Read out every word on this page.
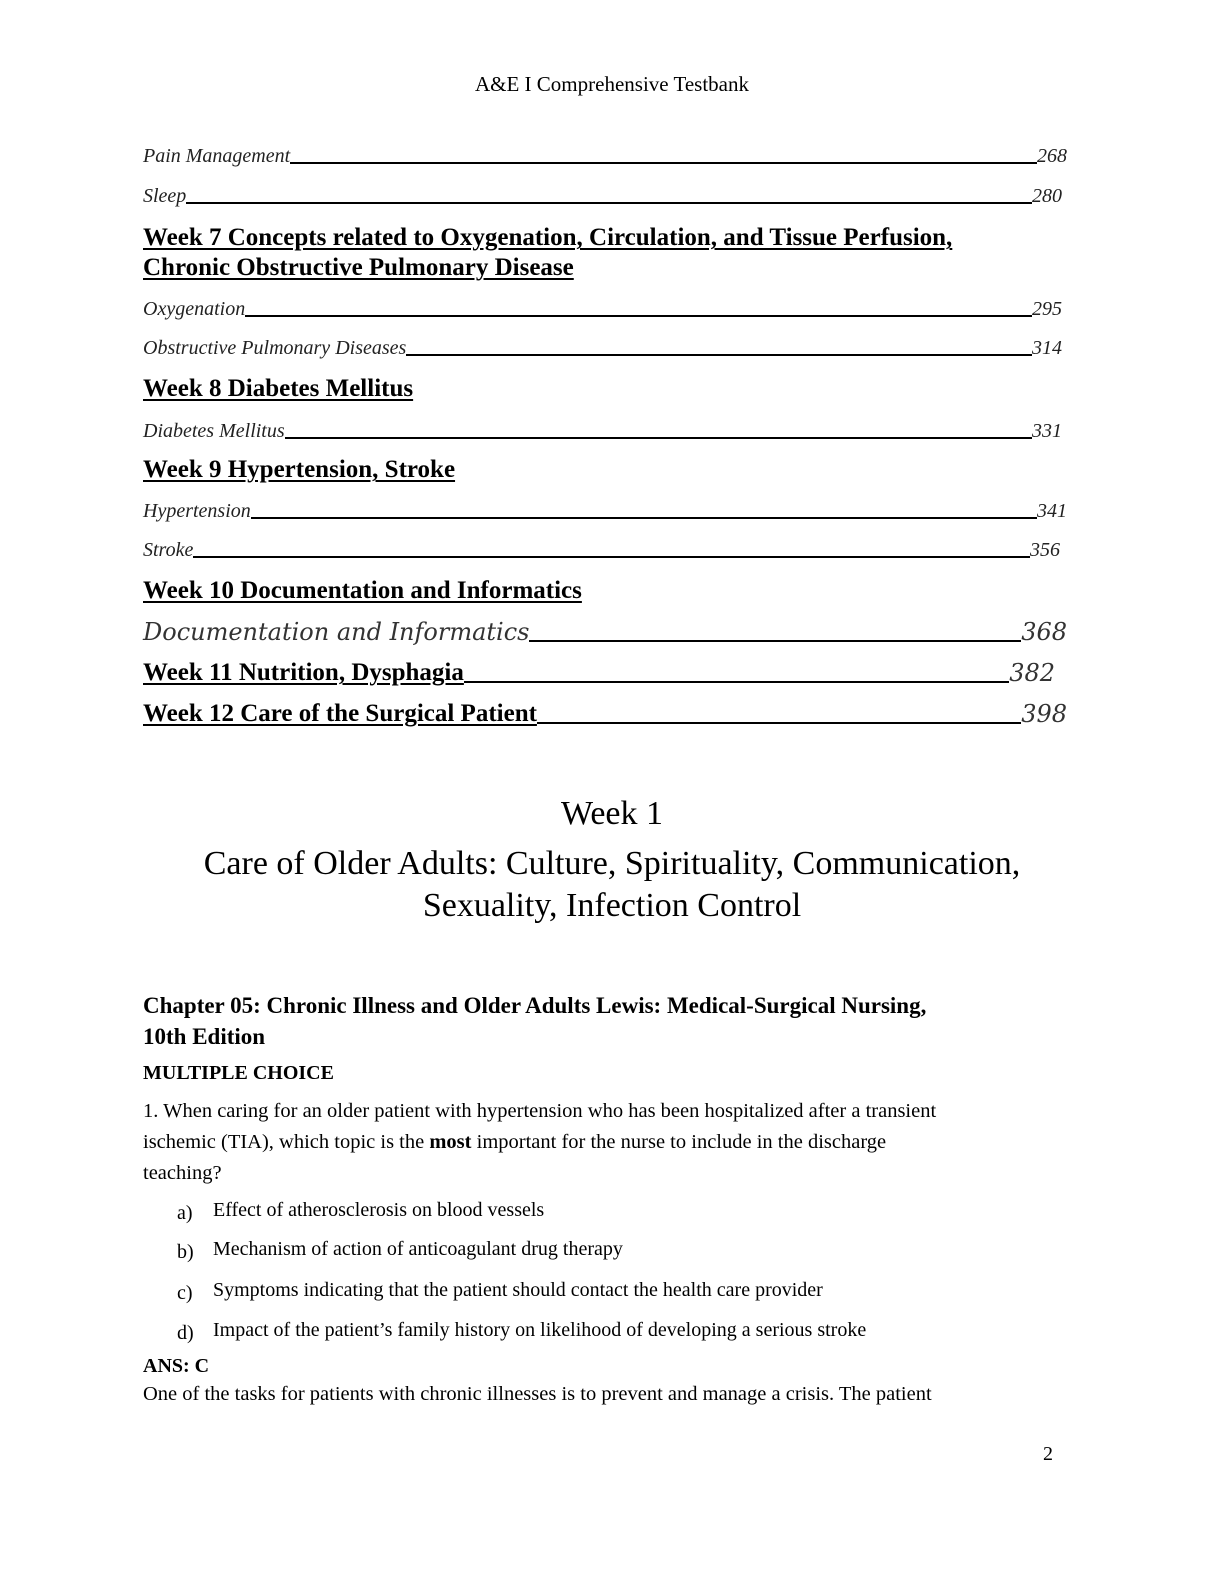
A&E I Comprehensive Testbank
Pain Management	268
Sleep	280
Week 7 Concepts related to Oxygenation, Circulation, and Tissue Perfusion,
Chronic Obstructive Pulmonary Disease
Oxygenation	295
Obstructive Pulmonary Diseases	314
Week 8 Diabetes Mellitus
Diabetes Mellitus	331
Week 9 Hypertension, Stroke
Hypertension	341
Stroke	356
Week 10 Documentation and Informatics
Documentation and Informatics	368
Week 11 Nutrition, Dysphagia	382
Week 12 Care of the Surgical Patient	398
Week 1
Care of Older Adults: Culture, Spirituality, Communication,
Sexuality, Infection Control
Chapter 05: Chronic Illness and Older Adults Lewis: Medical-Surgical Nursing,
10th Edition
MULTIPLE CHOICE
1. When caring for an older patient with hypertension who has been hospitalized after a transient
ischemic (TIA), which topic is the most important for the nurse to include in the discharge
teaching?
a)	Effect of atherosclerosis on blood vessels
b) Mechanism of action of anticoagulant drug therapy
c)	Symptoms indicating that the patient should contact the health care provider
d) Impact of the patient’s family history on likelihood of developing a serious stroke
ANS: C
One of the tasks for patients with chronic illnesses is to prevent and manage a crisis. The patient
2
